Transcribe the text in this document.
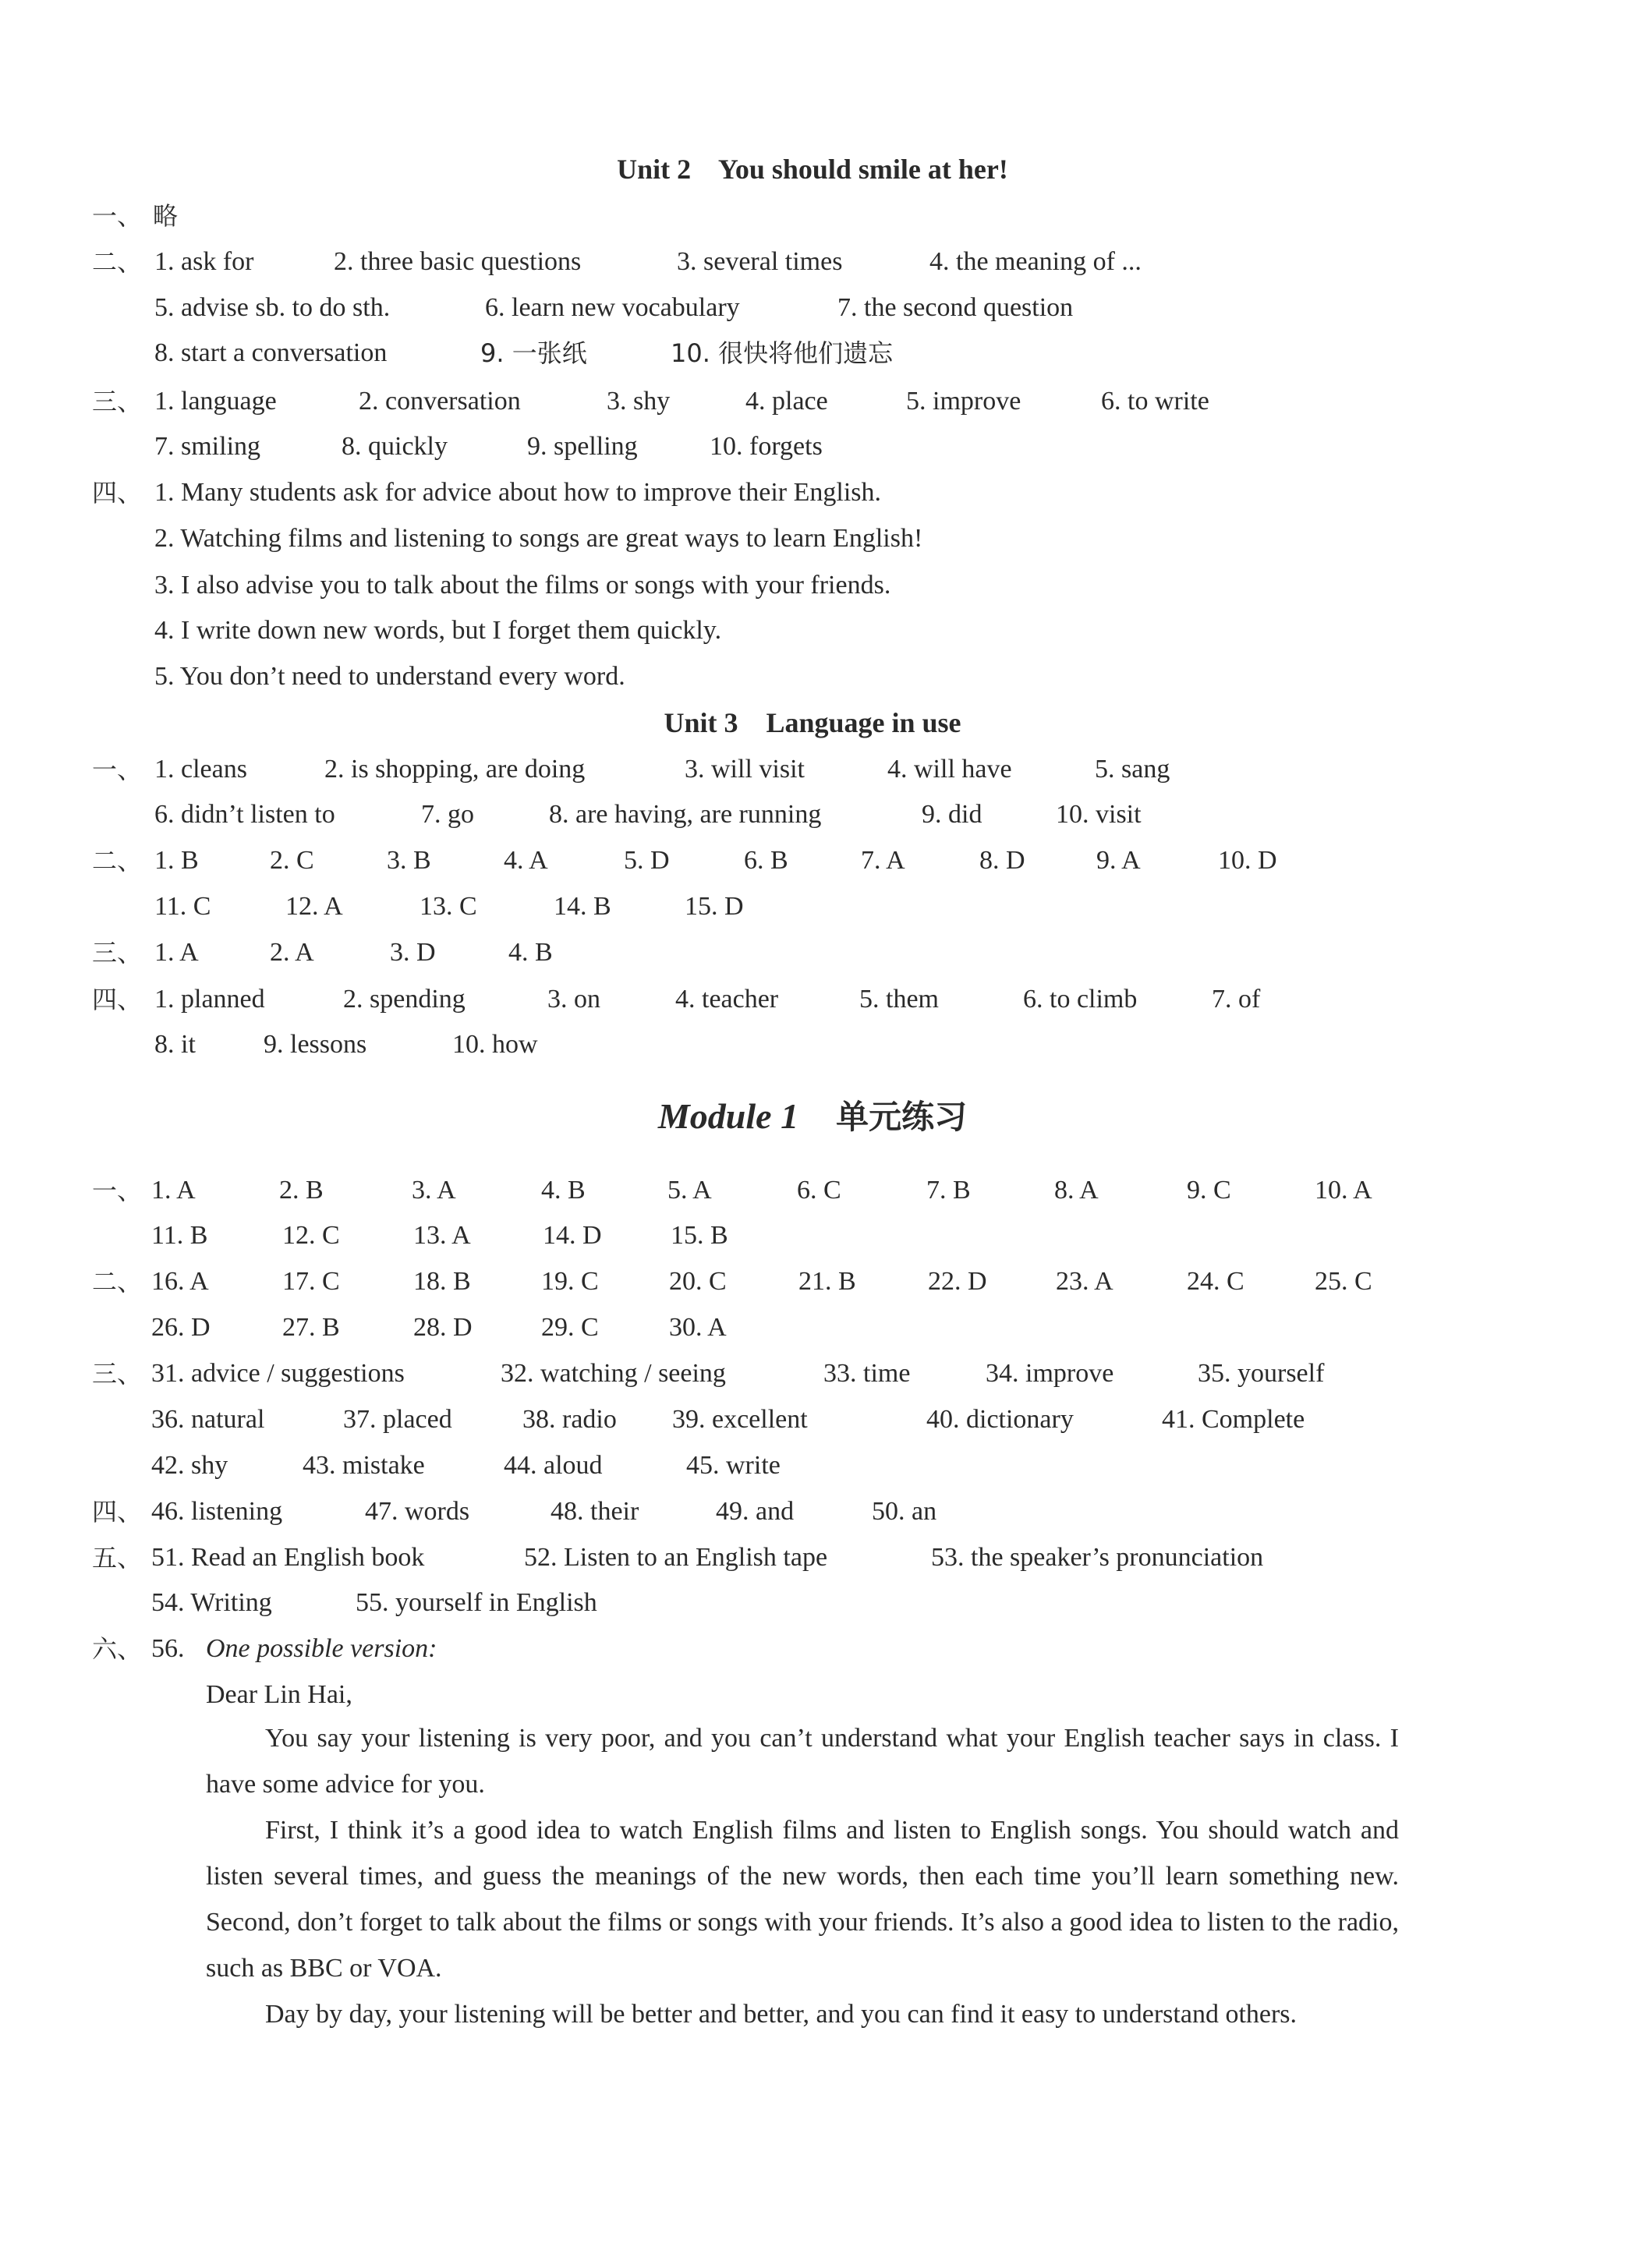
Unit 2    You should smile at her!
一、 略
二、 1. ask for	2. three basic questions	3. several times	4. the meaning of ...
5. advise sb. to do sth.	6. learn new vocabulary	7. the second question
8. start a conversation	9. 一张纸	10. 很快将他们遗忘
三、 1. language	2. conversation	3. shy	4. place	5. improve	6. to write
7. smiling	8. quickly	9. spelling	10. forgets
四、 1. Many students ask for advice about how to improve their English.
2. Watching films and listening to songs are great ways to learn English!
3. I also advise you to talk about the films or songs with your friends.
4. I write down new words, but I forget them quickly.
5. You don’t need to understand every word.
Unit 3    Language in use
一、 1. cleans	2. is shopping, are doing	3. will visit	4. will have	5. sang
6. didn’t listen to	7. go	8. are having, are running	9. did	10. visit
二、 1. B	2. C	3. B	4. A	5. D	6. B	7. A	8. D	9. A	10. D
11. C	12. A	13. C	14. B	15. D
三、 1. A	2. A	3. D	4. B
四、 1. planned	2. spending	3. on	4. teacher	5. them	6. to climb	7. of
8. it	9. lessons	10. how
Module 1 单元练习
一、 1. A	2. B	3. A	4. B	5. A	6. C	7. B	8. A	9. C	10. A
11. B	12. C	13. A	14. D	15. B
二、 16. A	17. C	18. B	19. C	20. C	21. B	22. D	23. A	24. C	25. C
26. D	27. B	28. D	29. C	30. A
三、 31. advice / suggestions	32. watching / seeing	33. time	34. improve	35. yourself
36. natural	37. placed	38. radio 39. excellent	40. dictionary	41. Complete
42. shy	43. mistake	44. aloud	45. write
四、 46. listening	47. words	48. their	49. and	50. an
五、 51. Read an English book	52. Listen to an English tape	53. the speaker’s pronunciation
54. Writing	55. yourself in English
六、 56. One possible version:
Dear Lin Hai,
You say your listening is very poor, and you can’t understand what your English teacher says in class. I have some advice for you.
First, I think it’s a good idea to watch English films and listen to English songs. You should watch and listen several times, and guess the meanings of the new words, then each time you’ll learn something new. Second, don’t forget to talk about the films or songs with your friends. It’s also a good idea to listen to the radio, such as BBC or VOA.
Day by day, your listening will be better and better, and you can find it easy to understand others.
